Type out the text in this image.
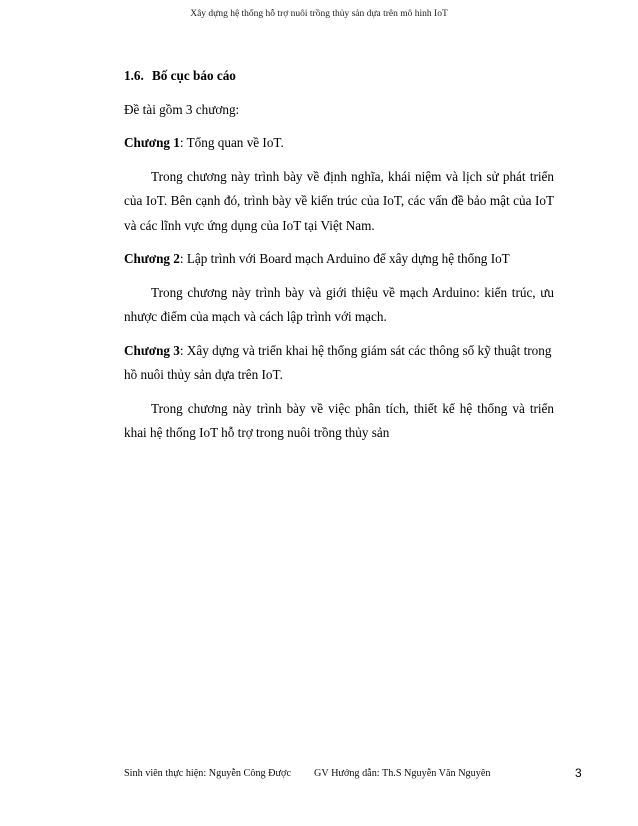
Xây dựng hệ thống hỗ trợ nuôi trồng thủy sản dựa trên mô hình IoT

1.6. Bố cục báo cáo

Đề tài gồm 3 chương:

Chương 1: Tổng quan về IoT.

Trong chương này trình bày về định nghĩa, khái niệm và lịch sử phát triển của IoT. Bên cạnh đó, trình bày về kiến trúc của IoT, các vấn đề bảo mật của IoT và các lĩnh vực ứng dụng của IoT tại Việt Nam.

Chương 2: Lập trình với Board mạch Arduino để xây dựng hệ thống IoT

Trong chương này trình bày và giới thiệu về mạch Arduino: kiến trúc, ưu nhược điểm của mạch và cách lập trình với mạch.

Chương 3: Xây dựng và triển khai hệ thống giám sát các thông số kỹ thuật trong hồ nuôi thủy sản dựa trên IoT.

Trong chương này trình bày về việc phân tích, thiết kế hệ thống và triển khai hệ thống IoT hỗ trợ trong nuôi trồng thủy sản

Sinh viên thực hiện: Nguyễn Công Được GV Hướng dẫn: Th.S Nguyễn Văn Nguyên	3
